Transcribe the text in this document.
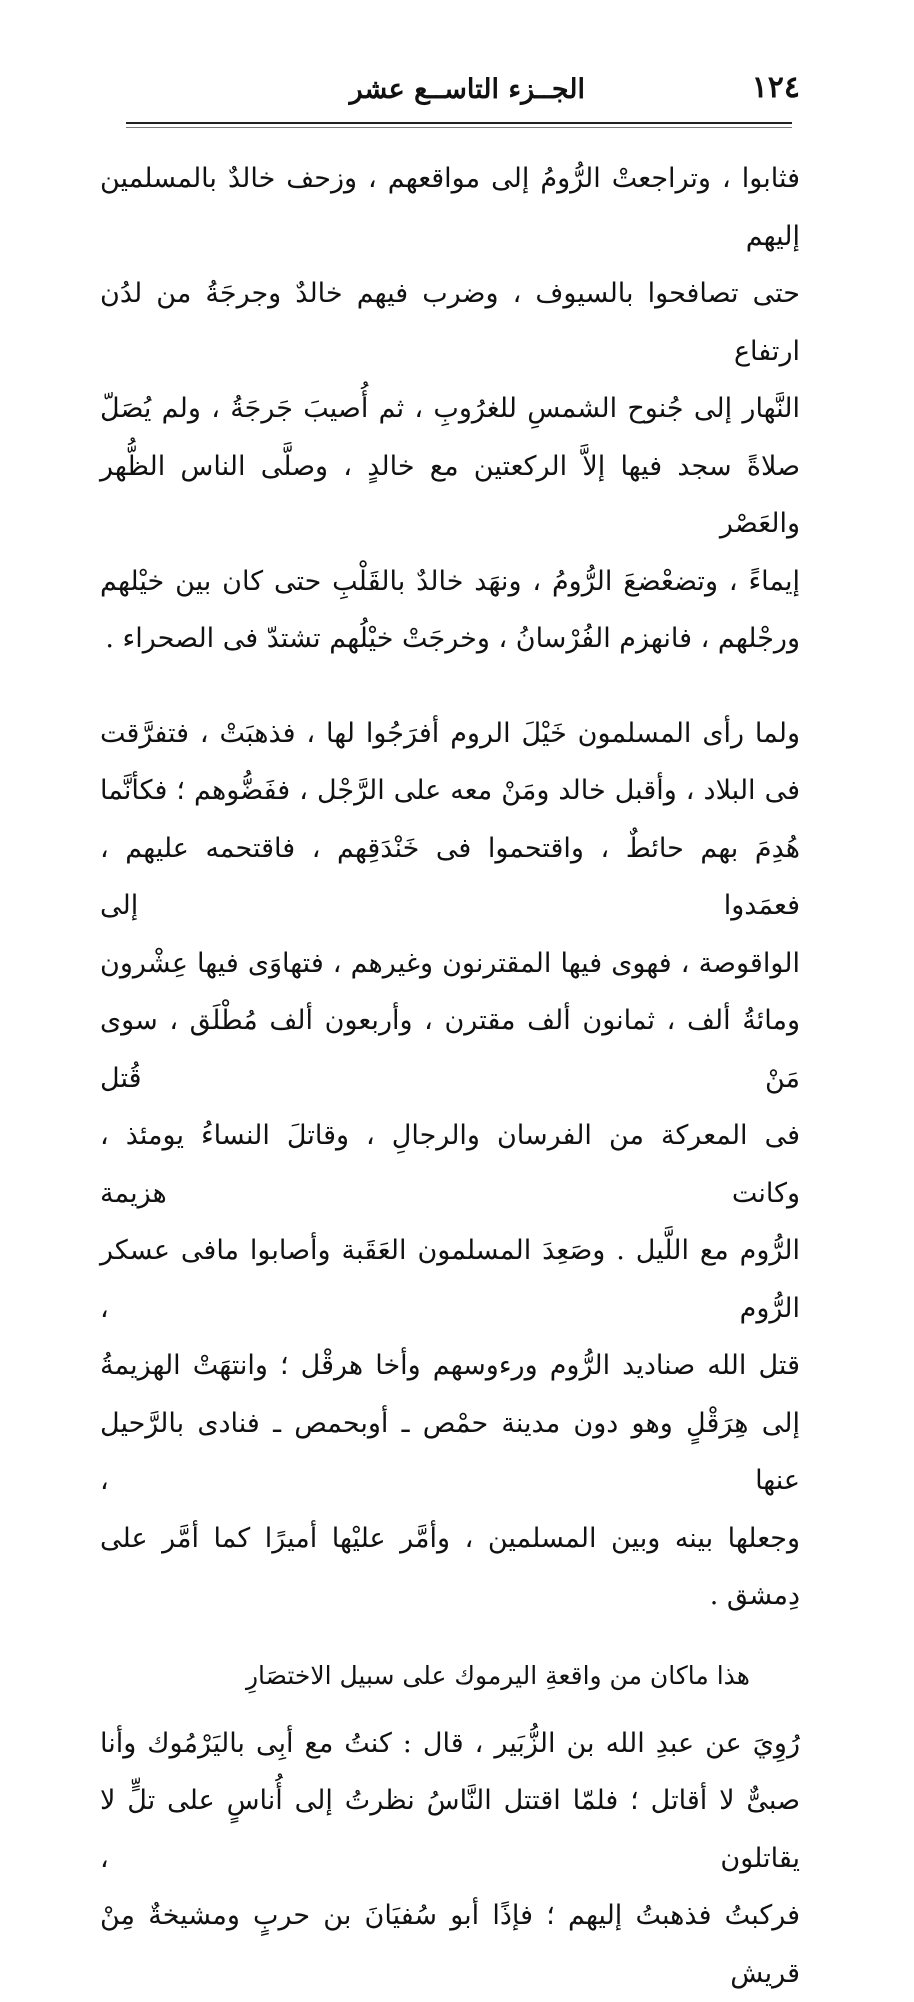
١٢٤
الجــزء التاســع عشر
فثابوا ، وتراجعتْ الرُّومُ إلى مواقعهم ، وزحف خالدٌ بالمسلمين إليهم
حتى تصافحوا بالسيوف ، وضرب فيهم خالدٌ وجرجَةُ من لدُن ارتفاع
النَّهار إلى جُنوح الشمسِ للغرُوبِ ، ثم أُصيبَ جَرجَةُ ، ولم يُصَلّ
صلاةً سجد فيها إلاَّ الركعتين مع خالدٍ ، وصلَّى الناس الظُّهر والعَصْر
إيماءً ، وتضعْضعَ الرُّومُ ، ونهَد خالدٌ بالقَلْبِ حتى كان بين خيْلهم
ورجْلهم ، فانهزم الفُرْسانُ ، وخرجَتْ خيْلُهم تشتدّ فى الصحراء .
ولما رأى المسلمون خَيْلَ الروم أفرَجُوا لها ، فذهبَتْ ، فتفرَّقت
فى البلاد ، وأقبل خالد ومَنْ معه على الرَّجْل ، ففَضُّوهم ؛ فكأنَّما
هُدِمَ بهم حائطٌ ، واقتحموا فى خَنْدَقِهم ، فاقتحمه عليهم ، فعمَدوا إلى
الواقوصة ، فهوى فيها المقترنون وغيرهم ، فتهاوَى فيها عِشْرون
ومائةُ ألف ، ثمانون ألف مقترن ، وأربعون ألف مُطْلَق ، سوى مَنْ قُتل
فى المعركة من الفرسان والرجالِ ، وقاتلَ النساءُ يومئذ ، وكانت هزيمة
الرُّوم مع اللَّيل . وصَعِدَ المسلمون العَقَبة وأصابوا مافى عسكر الرُّوم ،
قتل الله صناديد الرُّوم ورءوسهم وأخا هرقْل ؛ وانتهَتْ الهزيمةُ
إلى هِرَقْلٍ وهو دون مدينة حمْص ـ أوبحمص ـ فنادى بالرَّحيل عنها ،
وجعلها بينه وبين المسلمين ، وأمَّر عليْها أميرًا كما أمَّر على دِمشق .

هذا ماكان من واقعةِ اليرموك على سبيل الاختصَارِ

رُوِيَ عن عبدِ الله بن الزُّبَير ، قال : كنتُ مع أبِى باليَرْمُوك وأنا
صبىٌّ لا أقاتل ؛ فلمّا اقتتل النَّاسُ نظرتُ إلى أُناسٍ على تلٍّ لا يقاتلون ،
فركبتُ فذهبتُ إليهم ؛ فإذًا أبو سُفيَانَ بن حربٍ ومشيخةٌ مِنْ قريش
